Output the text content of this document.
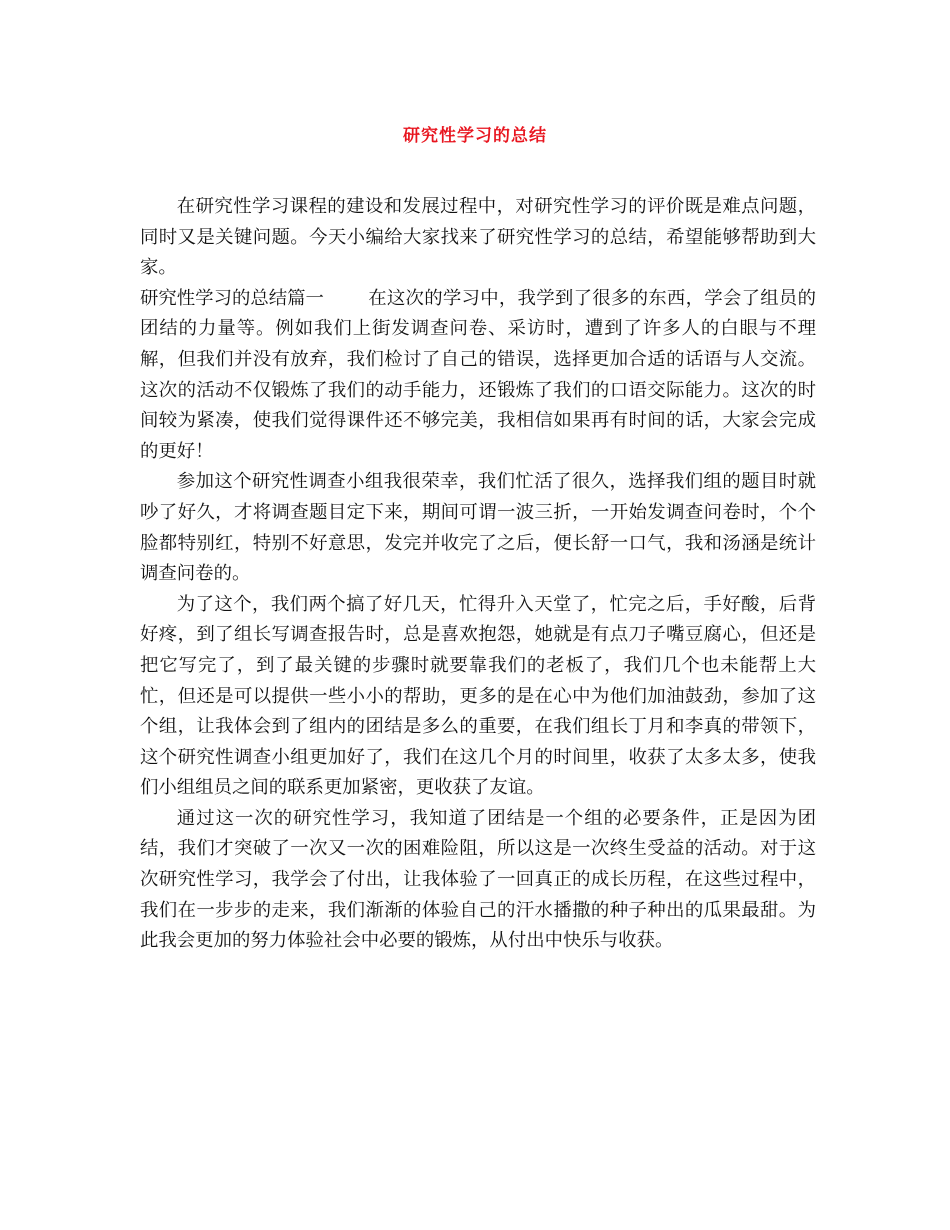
研究性学习的总结

在研究性学习课程的建设和发展过程中，对研究性学习的评价既是难点问题，同时又是关键问题。今天小编给大家找来了研究性学习的总结，希望能够帮助到大家。

研究性学习的总结篇一 在这次的学习中，我学到了很多的东西，学会了组员的团结的力量等。例如我们上街发调查问卷、采访时，遭到了许多人的白眼与不理解，但我们并没有放弃，我们检讨了自己的错误，选择更加合适的话语与人交流。这次的活动不仅锻炼了我们的动手能力，还锻炼了我们的口语交际能力。这次的时间较为紧凑，使我们觉得课件还不够完美，我相信如果再有时间的话，大家会完成的更好！

参加这个研究性调查小组我很荣幸，我们忙活了很久，选择我们组的题目时就吵了好久，才将调查题目定下来，期间可谓一波三折，一开始发调查问卷时，个个脸都特别红，特别不好意思，发完并收完了之后，便长舒一口气，我和汤涵是统计调查问卷的。

为了这个，我们两个搞了好几天，忙得升入天堂了，忙完之后，手好酸，后背好疼，到了组长写调查报告时，总是喜欢抱怨，她就是有点刀子嘴豆腐心，但还是把它写完了，到了最关键的步骤时就要靠我们的老板了，我们几个也未能帮上大忙，但还是可以提供一些小小的帮助，更多的是在心中为他们加油鼓劲，参加了这个组，让我体会到了组内的团结是多么的重要，在我们组长丁月和李真的带领下，这个研究性调查小组更加好了，我们在这几个月的时间里，收获了太多太多，使我们小组组员之间的联系更加紧密，更收获了友谊。

通过这一次的研究性学习，我知道了团结是一个组的必要条件，正是因为团结，我们才突破了一次又一次的困难险阻，所以这是一次终生受益的活动。对于这次研究性学习，我学会了付出，让我体验了一回真正的成长历程，在这些过程中，我们在一步步的走来，我们渐渐的体验自己的汗水播撒的种子种出的瓜果最甜。为此我会更加的努力体验社会中必要的锻炼，从付出中快乐与收获。
